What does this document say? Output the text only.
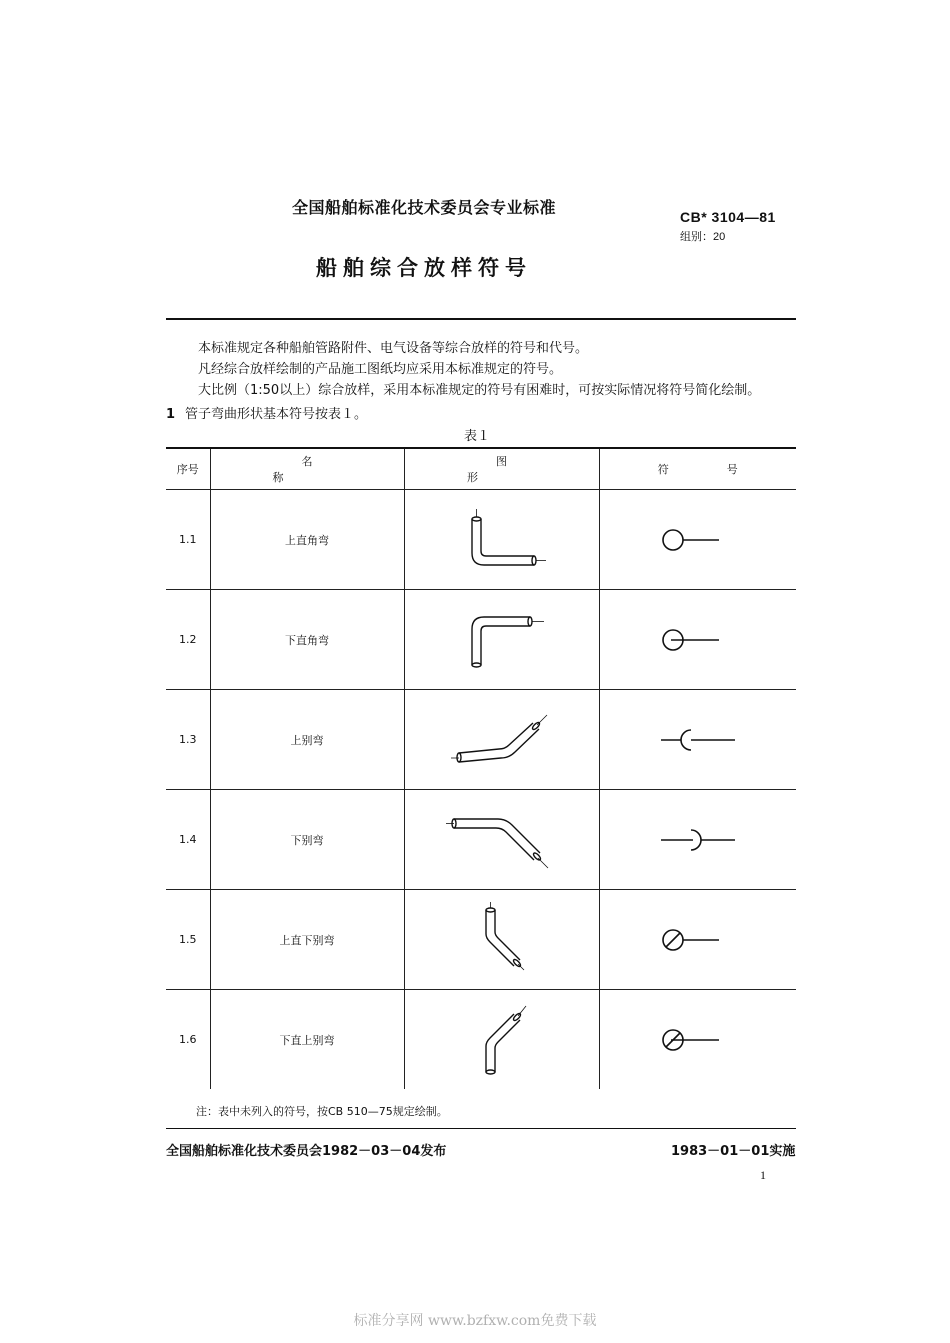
全国船舶标准化技术委员会专业标准	CB* 3104—81
组别：20
船舶综合放样符号
本标准规定各种船舶管路附件、电气设备等综合放样的符号和代号。
凡经综合放样绘制的产品施工图纸均应采用本标准规定的符号。
大比例（1:50以上）综合放样，采用本标准规定的符号有困难时，可按实际情况将符号简化绘制。
1 管子弯曲形状基本符号按表１。
表１
序号	名称	图形	符号
1.1	上直角弯	

1.2	下直角弯	

1.3	上别弯	

1.4	下别弯	

1.5	上直下别弯	

1.6	下直上别弯	

注：表中未列入的符号，按CB 510—75规定绘制。
全国船舶标准化技术委员会1982－03－04发布	1983－01－01实施
1
标准分享网 www.bzfxw.com免费下载
